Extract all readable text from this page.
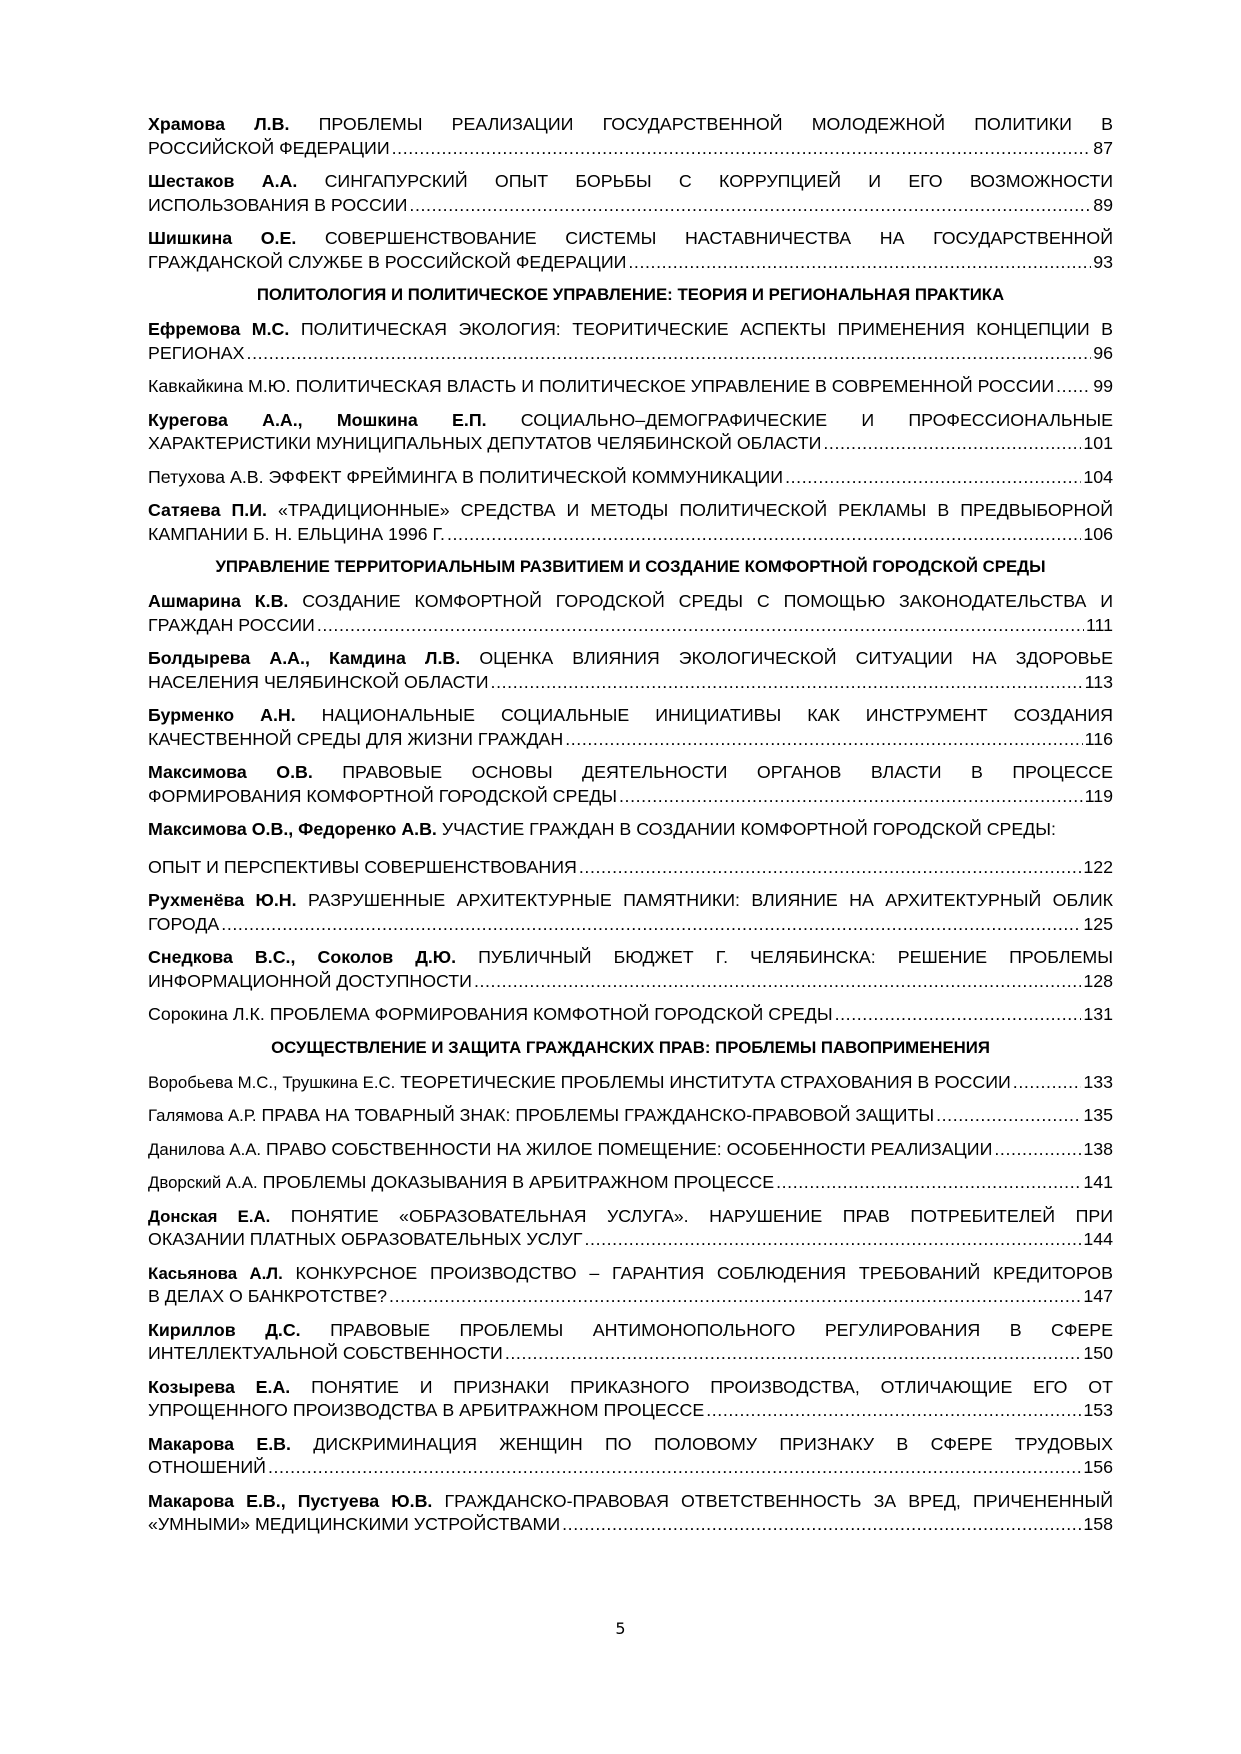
Храмова Л.В. ПРОБЛЕМЫ РЕАЛИЗАЦИИ ГОСУДАРСТВЕННОЙ МОЛОДЕЖНОЙ ПОЛИТИКИ В
РОССИЙСКОЙ ФЕДЕРАЦИИ .....	87
Шестаков А.А. СИНГАПУРСКИЙ ОПЫТ БОРЬБЫ С КОРРУПЦИЕЙ И ЕГО ВОЗМОЖНОСТИ
ИСПОЛЬЗОВАНИЯ В РОССИИ .....	89
Шишкина О.Е. СОВЕРШЕНСТВОВАНИЕ СИСТЕМЫ НАСТАВНИЧЕСТВА НА ГОСУДАРСТВЕННОЙ
ГРАЖДАНСКОЙ СЛУЖБЕ В РОССИЙСКОЙ ФЕДЕРАЦИИ .....	93
ПОЛИТОЛОГИЯ И ПОЛИТИЧЕСКОЕ УПРАВЛЕНИЕ: ТЕОРИЯ И РЕГИОНАЛЬНАЯ ПРАКТИКА
Ефремова М.С. ПОЛИТИЧЕСКАЯ ЭКОЛОГИЯ: ТЕОРИТИЧЕСКИЕ АСПЕКТЫ ПРИМЕНЕНИЯ КОНЦЕПЦИИ В
РЕГИОНАХ .....	96
Кавкайкина М.Ю. ПОЛИТИЧЕСКАЯ ВЛАСТЬ И ПОЛИТИЧЕСКОЕ УПРАВЛЕНИЕ В СОВРЕМЕННОЙ РОССИИ ..... 99
Курегова А.А., Мошкина Е.П. СОЦИАЛЬНО–ДЕМОГРАФИЧЕСКИЕ И ПРОФЕССИОНАЛЬНЫЕ
ХАРАКТЕРИСТИКИ МУНИЦИПАЛЬНЫХ ДЕПУТАТОВ ЧЕЛЯБИНСКОЙ ОБЛАСТИ .....	101
Петухова А.В. ЭФФЕКТ ФРЕЙМИНГА В ПОЛИТИЧЕСКОЙ КОММУНИКАЦИИ .....	104
Сатяева П.И. «ТРАДИЦИОННЫЕ» СРЕДСТВА И МЕТОДЫ ПОЛИТИЧЕСКОЙ РЕКЛАМЫ В ПРЕДВЫБОРНОЙ
КАМПАНИИ Б. Н. ЕЛЬЦИНА 1996 Г. .....	106
УПРАВЛЕНИЕ ТЕРРИТОРИАЛЬНЫМ РАЗВИТИЕМ И СОЗДАНИЕ КОМФОРТНОЙ ГОРОДСКОЙ СРЕДЫ
Ашмарина К.В. СОЗДАНИЕ КОМФОРТНОЙ ГОРОДСКОЙ СРЕДЫ С ПОМОЩЬЮ ЗАКОНОДАТЕЛЬСТВА И
ГРАЖДАН РОССИИ .....	111
Болдырева А.А., Камдина Л.В. ОЦЕНКА ВЛИЯНИЯ ЭКОЛОГИЧЕСКОЙ СИТУАЦИИ НА ЗДОРОВЬЕ
НАСЕЛЕНИЯ ЧЕЛЯБИНСКОЙ ОБЛАСТИ .....	113
Бурменко А.Н. НАЦИОНАЛЬНЫЕ СОЦИАЛЬНЫЕ ИНИЦИАТИВЫ КАК ИНСТРУМЕНТ СОЗДАНИЯ
КАЧЕСТВЕННОЙ СРЕДЫ ДЛЯ ЖИЗНИ ГРАЖДАН .....	116
Максимова О.В. ПРАВОВЫЕ ОСНОВЫ ДЕЯТЕЛЬНОСТИ ОРГАНОВ ВЛАСТИ В ПРОЦЕССЕ
ФОРМИРОВАНИЯ КОМФОРТНОЙ ГОРОДСКОЙ СРЕДЫ .....	119
Максимова О.В., Федоренко А.В. УЧАСТИЕ ГРАЖДАН В СОЗДАНИИ КОМФОРТНОЙ ГОРОДСКОЙ СРЕДЫ:
ОПЫТ И ПЕРСПЕКТИВЫ СОВЕРШЕНСТВОВАНИЯ .....	122
Рухменёва Ю.Н. РАЗРУШЕННЫЕ АРХИТЕКТУРНЫЕ ПАМЯТНИКИ: ВЛИЯНИЕ НА АРХИТЕКТУРНЫЙ ОБЛИК
ГОРОДА .....	125
Снедкова В.С., Соколов Д.Ю. ПУБЛИЧНЫЙ БЮДЖЕТ Г. ЧЕЛЯБИНСКА: РЕШЕНИЕ ПРОБЛЕМЫ
ИНФОРМАЦИОННОЙ ДОСТУПНОСТИ .....	128
Сорокина Л.К. ПРОБЛЕМА ФОРМИРОВАНИЯ КОМФОТНОЙ ГОРОДСКОЙ СРЕДЫ .....	131
ОСУЩЕСТВЛЕНИЕ И ЗАЩИТА ГРАЖДАНСКИХ ПРАВ: ПРОБЛЕМЫ ПАВОПРИМЕНЕНИЯ
Воробьева М.С., Трушкина Е.С. ТЕОРЕТИЧЕСКИЕ ПРОБЛЕМЫ ИНСТИТУТА СТРАХОВАНИЯ В РОССИИ .....	133
Галямова А.Р. ПРАВА НА ТОВАРНЫЙ ЗНАК: ПРОБЛЕМЫ ГРАЖДАНСКО-ПРАВОВОЙ ЗАЩИТЫ .....	135
Данилова А.А. ПРАВО СОБСТВЕННОСТИ НА ЖИЛОЕ ПОМЕЩЕНИЕ: ОСОБЕННОСТИ РЕАЛИЗАЦИИ .....	138
Дворский А.А. ПРОБЛЕМЫ ДОКАЗЫВАНИЯ В АРБИТРАЖНОМ ПРОЦЕССЕ .....	141
Донская Е.А. ПОНЯТИЕ «ОБРАЗОВАТЕЛЬНАЯ УСЛУГА». НАРУШЕНИЕ ПРАВ ПОТРЕБИТЕЛЕЙ ПРИ
ОКАЗАНИИ ПЛАТНЫХ ОБРАЗОВАТЕЛЬНЫХ УСЛУГ .....	144
Касьянова А.Л. КОНКУРСНОЕ ПРОИЗВОДСТВО – ГАРАНТИЯ СОБЛЮДЕНИЯ ТРЕБОВАНИЙ КРЕДИТОРОВ
В ДЕЛАХ О БАНКРОТСТВЕ? .....	147
Кириллов Д.С. ПРАВОВЫЕ ПРОБЛЕМЫ АНТИМОНОПОЛЬНОГО РЕГУЛИРОВАНИЯ В СФЕРЕ
ИНТЕЛЛЕКТУАЛЬНОЙ СОБСТВЕННОСТИ .....	150
Козырева Е.А. ПОНЯТИЕ И ПРИЗНАКИ ПРИКАЗНОГО ПРОИЗВОДСТВА, ОТЛИЧАЮЩИЕ ЕГО ОТ
УПРОЩЕННОГО ПРОИЗВОДСТВА В АРБИТРАЖНОМ ПРОЦЕССЕ .....	153
Макарова Е.В. ДИСКРИМИНАЦИЯ ЖЕНЩИН ПО ПОЛОВОМУ ПРИЗНАКУ В СФЕРЕ ТРУДОВЫХ
ОТНОШЕНИЙ .....	156
Макарова Е.В., Пустуева Ю.В. ГРАЖДАНСКО-ПРАВОВАЯ ОТВЕТСТВЕННОСТЬ ЗА ВРЕД, ПРИЧЕНЕННЫЙ
«УМНЫМИ» МЕДИЦИНСКИМИ УСТРОЙСТВАМИ .....	158
5
